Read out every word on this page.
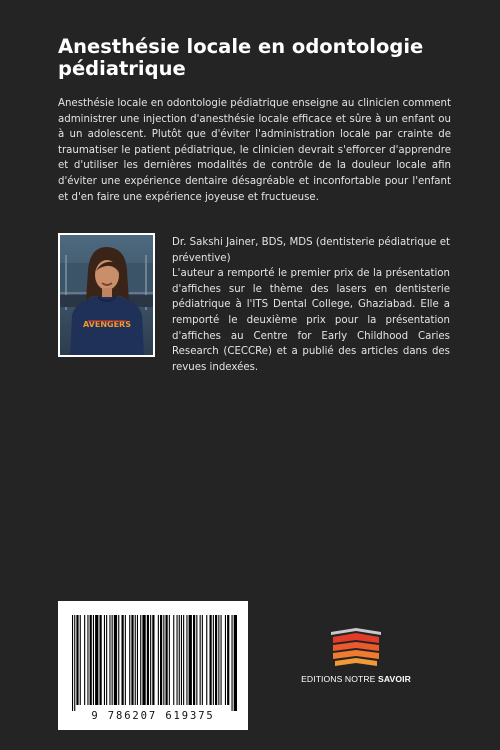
Anesthésie locale en odontologie pédiatrique
Anesthésie locale en odontologie pédiatrique enseigne au clinicien comment administrer une injection d'anesthésie locale efficace et sûre à un enfant ou à un adolescent. Plutôt que d'éviter l'administration locale par crainte de traumatiser le patient pédiatrique, le clinicien devrait s'efforcer d'apprendre et d'utiliser les dernières modalités de contrôle de la douleur locale afin d'éviter une expérience dentaire désagréable et inconfortable pour l'enfant et d'en faire une expérience joyeuse et fructueuse.
AVENGERS

Dr. Sakshi Jainer, BDS, MDS (dentisterie pédiatrique et préventive)

L'auteur a remporté le premier prix de la présentation d'affiches sur le thème des lasers en dentisterie pédiatrique à l'ITS Dental College, Ghaziabad. Elle a remporté le deuxième prix pour la présentation d'affiches au Centre for Early Childhood Caries Research (CECCRe) et a publié des articles dans des revues indexées.

9 786207 619375
EDITIONS NOTRE SAVOIR
